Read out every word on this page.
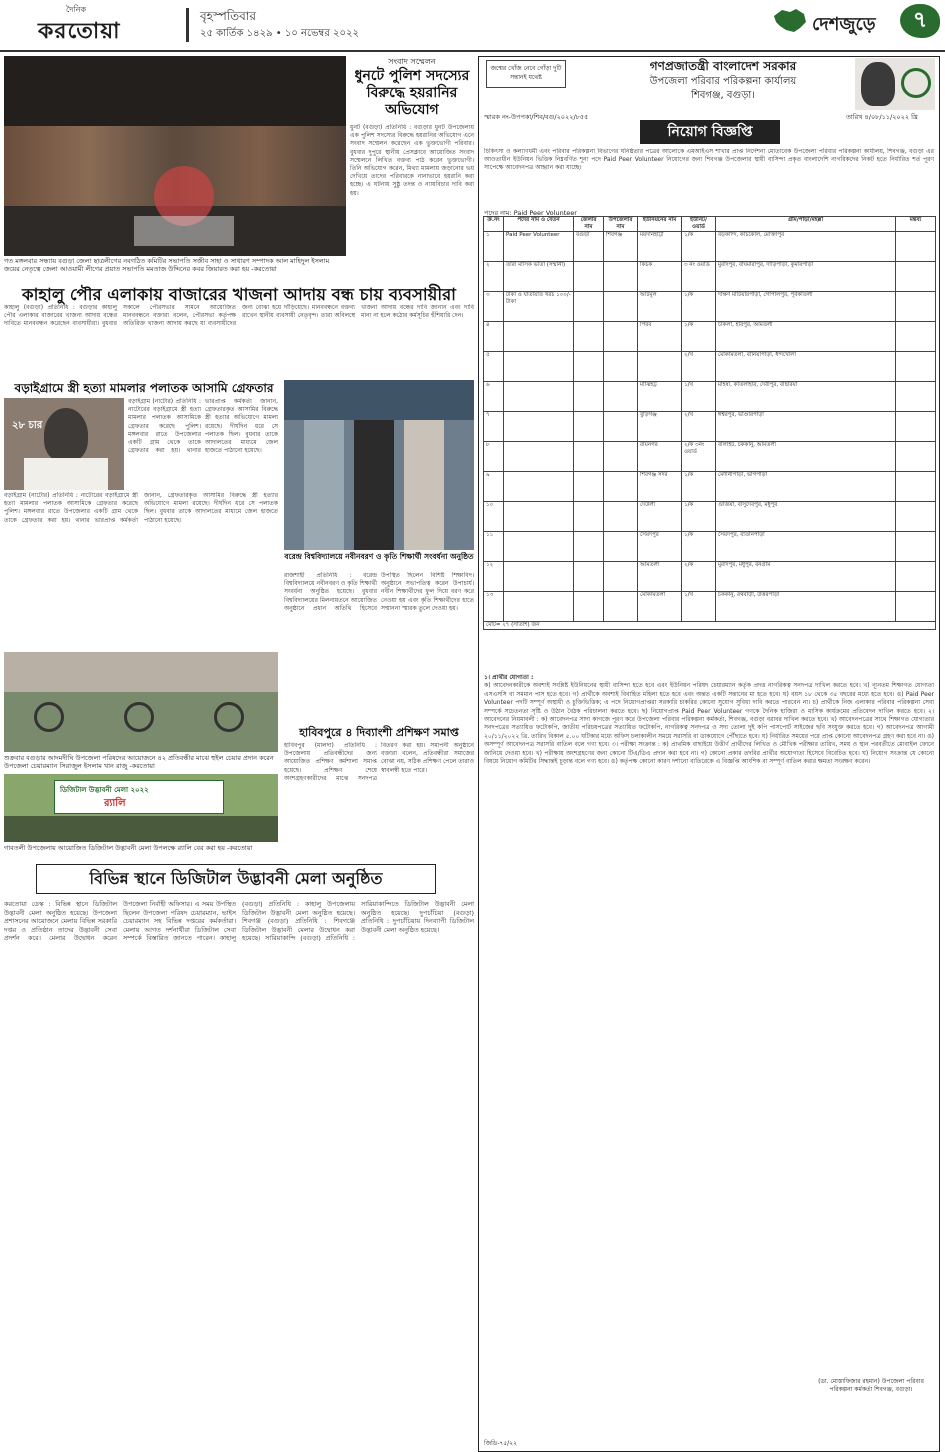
দৈনিক
করতোয়া
বৃহস্পতিবার
২৫ কার্তিক ১৪২৯ • ১০ নভেম্বর ২০২২	দেশজুড়ে	৭
গত মঙ্গলবার সন্ধ্যায় বগুড়া জেলা ছাত্রলীগের নবগঠিত কমিটির সভাপতি সজীব সাহা ও সাধারণ সম্পাদক আল মাহিদুল ইসলাম জয়ের নেতৃত্বে জেলা আওয়ামী লীগের প্রয়াত সভাপতি মমতাজ উদ্দিনের কবর জিয়ারত করা হয় -করতোয়া
সংবাদ সম্মেলন
ধুনটে পুলিশ সদস্যের বিরুদ্ধে হয়রানির অভিযোগ
ধুনট (বগুড়া) প্রতিনিধি : বগুড়ার ধুনট উপজেলায় এক পুলিশ সদস্যের বিরুদ্ধে হয়রানির অভিযোগ এনে সংবাদ সম্মেলন করেছেন এক ভুক্তভোগী পরিবার। বুধবার দুপুরে স্থানীয় প্রেসক্লাবে আয়োজিত সংবাদ সম্মেলনে লিখিত বক্তব্য পাঠ করেন ভুক্তভোগী। তিনি অভিযোগ করেন, মিথ্যা মামলায় জড়ানোর ভয় দেখিয়ে তাদের পরিবারকে নানাভাবে হয়রানি করা হচ্ছে। এ ঘটনায় সুষ্ঠু তদন্ত ও ন্যায়বিচার দাবি করা হয়।
কাহালু পৌর এলাকায় বাজারের খাজনা আদায় বন্ধ চায় ব্যবসায়ীরা
কাহালু (বগুড়া) প্রতিনিধি : বগুড়ার কাহালু পৌর এলাকার বাজারের খাজনা আদায় বন্ধের দাবিতে মানববন্ধন করেছেন ব্যবসায়ীরা। বুধবার সকালে পৌরসভার সামনে আয়োজিত মানববন্ধনে বক্তারা বলেন, পৌরসভা কর্তৃপক্ষ অতিরিক্ত খাজনা আদায় করছে যা ব্যবসায়ীদের জন্য বোঝা হয়ে দাঁড়িয়েছে। মানববন্ধনে বক্তব্য রাখেন স্থানীয় ব্যবসায়ী নেতৃবৃন্দ। তারা অবিলম্বে খাজনা আদায় বন্ধের দাবি জানান এবং দাবি মানা না হলে কঠোর কর্মসূচির হুঁশিয়ারি দেন।
বড়াইগ্রামে স্ত্রী হত্যা মামলার পলাতক আসামি গ্রেফতার
২৮ চার
বড়াইগ্রাম (নাটোর) প্রতিনিধি : নাটোরের বড়াইগ্রামে স্ত্রী হত্যা মামলার পলাতক আসামিকে গ্রেফতার করেছে পুলিশ। মঙ্গলবার রাতে উপজেলার একটি গ্রাম থেকে তাকে গ্রেফতার করা হয়। থানার ভারপ্রাপ্ত কর্মকর্তা জানান, গ্রেফতারকৃত আসামির বিরুদ্ধে স্ত্রী হত্যার অভিযোগে মামলা রয়েছে। দীর্ঘদিন ধরে সে পলাতক ছিল। বুধবার তাকে আদালতের মাধ্যমে জেল হাজতে পাঠানো হয়েছে।
বড়াইগ্রাম (নাটোর) প্রতিনিধি : নাটোরের বড়াইগ্রামে স্ত্রী হত্যা মামলার পলাতক আসামিকে গ্রেফতার করেছে পুলিশ। মঙ্গলবার রাতে উপজেলার একটি গ্রাম থেকে তাকে গ্রেফতার করা হয়। থানার ভারপ্রাপ্ত কর্মকর্তা জানান, গ্রেফতারকৃত আসামির বিরুদ্ধে স্ত্রী হত্যার অভিযোগে মামলা রয়েছে। দীর্ঘদিন ধরে সে পলাতক ছিল। বুধবার তাকে আদালতের মাধ্যমে জেল হাজতে পাঠানো হয়েছে।
বরেন্দ্র বিশ্ববিদ্যালয়ে নবীনবরণ ও কৃতি শিক্ষার্থী সংবর্ধনা অনুষ্ঠিত
রাজশাহী প্রতিনিধি : বরেন্দ্র বিশ্ববিদ্যালয়ে নবীনবরণ ও কৃতি শিক্ষার্থী সংবর্ধনা অনুষ্ঠিত হয়েছে। বুধবার বিশ্ববিদ্যালয়ের মিলনায়তনে আয়োজিত অনুষ্ঠানে প্রধান অতিথি হিসেবে উপস্থিত ছিলেন বিশিষ্ট শিক্ষাবিদ। অনুষ্ঠানে সভাপতিত্ব করেন উপাচার্য। নবীন শিক্ষার্থীদের ফুল দিয়ে বরণ করে নেওয়া হয় এবং কৃতি শিক্ষার্থীদের হাতে সম্মাননা স্মারক তুলে দেওয়া হয়।
শুক্রবার বগুড়ার আদমদীঘি উপজেলা পরিষদের আয়োজনে ৪২ প্রতিবন্ধীর মাঝে হুইল চেয়ার প্রদান করেন উপজেলা চেয়ারম্যান সিরাজুল ইসলাম খান রাজু -করতোয়া
হাবিবপুরে ৪ দিব্যাংশী প্রশিক্ষণ সমাপ্ত
হাবিবপুর (মালদা) প্রতিনিধি : উপজেলায় প্রতিবন্ধীদের জন্য আয়োজিত প্রশিক্ষণ কর্মশালা সমাপ্ত হয়েছে। প্রশিক্ষণ শেষে অংশগ্রহণকারীদের মাঝে সনদপত্র বিতরণ করা হয়। সমাপনী অনুষ্ঠানে বক্তারা বলেন, প্রতিবন্ধীরা সমাজের বোঝা নয়, সঠিক প্রশিক্ষণ পেলে তারাও স্বাবলম্বী হতে পারে।
ডিজিটাল উদ্ভাবনী মেলা ২০২২
র‍্যালি
গাবতলী উপজেলায় আয়োজিত ডিজিটাল উদ্ভাবনী মেলা উপলক্ষে র‍্যালি বের করা হয় -করতোয়া
বিভিন্ন স্থানে ডিজিটাল উদ্ভাবনী মেলা অনুষ্ঠিত
করতোয়া ডেস্ক : বিভিন্ন স্থানে ডিজিটাল উদ্ভাবনী মেলা অনুষ্ঠিত হয়েছে। উপজেলা প্রশাসনের আয়োজনে মেলায় বিভিন্ন সরকারি দপ্তর ও প্রতিষ্ঠান তাদের উদ্ভাবনী সেবা প্রদর্শন করে। মেলার উদ্বোধন করেন উপজেলা নির্বাহী অফিসার। এ সময় উপস্থিত ছিলেন উপজেলা পরিষদ চেয়ারম্যান, ভাইস চেয়ারম্যান সহ বিভিন্ন দপ্তরের কর্মকর্তারা। মেলায় আগত দর্শনার্থীরা ডিজিটাল সেবা সম্পর্কে বিস্তারিত জানতে পারেন। কাহালু (বগুড়া) প্রতিনিধি : কাহালু উপজেলায় ডিজিটাল উদ্ভাবনী মেলা অনুষ্ঠিত হয়েছে। শিবগঞ্জ (বগুড়া) প্রতিনিধি : শিবগঞ্জে ডিজিটাল উদ্ভাবনী মেলার উদ্বোধন করা হয়েছে। সারিয়াকান্দি (বগুড়া) প্রতিনিধি : সারিয়াকান্দিতে ডিজিটাল উদ্ভাবনী মেলা অনুষ্ঠিত হয়েছে। দুপচাঁচিয়া (বগুড়া) প্রতিনিধি : দুপচাঁচিয়ায় দিনব্যাপী ডিজিটাল উদ্ভাবনী মেলা অনুষ্ঠিত হয়েছে।
জন্মের খোঁজ নেবে গোঁড়া দুটি সন্তানই যথেষ্ট
গণপ্রজাতন্ত্রী বাংলাদেশ সরকার
উপজেলা পরিবার পরিকল্পনা কার্যালয়
শিবগঞ্জ, বগুড়া।
স্মারক নং-উপপকা/শিব/বগু/২০২২/৮৫৫	তারিখ ৪/০৮/১১/২০২২ খ্রি
নিয়োগ বিজ্ঞপ্তি
চিকিৎসা ও কল্যাণধর্মী এবং পরিবার পরিকল্পনা বিভাগের ঘনিষ্ঠতার পত্রের আলোকে এমআইএস শাখার প্রাপ্ত নির্দেশনা মোতাবেক উপজেলা পরিবার পরিকল্পনা কার্যালয়, শিবগঞ্জ, বগুড়া এর আওতাধীন ইউনিয়ন ভিত্তিক নিম্নবর্ণিত শূন্য পদে Paid Peer Volunteer নিয়োগের জন্য শিবগঞ্জ উপজেলার স্থায়ী বাসিন্দা প্রকৃত বাংলাদেশি নাগরিকদের নিকট হতে নির্ধারিত শর্ত পূরণ সাপেক্ষে আবেদনপত্র আহ্বান করা যাচ্ছে।
পদের নাম: Paid Peer Volunteer
ক্র.নং	পদের নাম ও বেতন	জেলার নাম	উপজেলার নাম	ইউনিয়নের নাম	ইউনিট/ওয়ার্ড	গ্রাম/পাড়া/মহল্লা	মন্তব্য
১	Paid Peer Volunteer	বগুড়া	শিবগঞ্জ	ময়দানহাট্টা	১/ক	বড়কান্দি, কাচকোল, মোক্তাপুর	
২	তারা মাসিক ভাতা (সম্মানী)			কিচক	৩ নং ওয়ার্ড	মুরাদপুর, বাঘমারাপুর, দাড়িপাড়া, কুমারপাড়া	
৩	টাকা ও যাতায়াত খরচ ১০০/- টাকা			আটমূল	১/ক	দক্ষিণ মাটিয়ারপাড়া, গোপালপুর, পূর্বকাতলী	
৪				পিরব	১/ক	চাকলা, হরিপুর, আমতলী	
৫					২/খ	মোকামতলা, বানিয়াপাড়া, ধন্দখোলা	
৬				মাঝিহট্ট	১/খ	মহিষা, কাতলাহার, দেবীপুর, বাছরিয়া	
৭				বুড়িগঞ্জ	২/খ	ঈশ্বরপুর, ভাণ্ডারপাড়া	
৮				রায়নগর	২/ক ৩নং ওয়ার্ড	বালাইট, চককানু, আমতলী	
৯				শিবগঞ্জ সদর	১/ক	মেদীনীপাড়া, ভাগপাড়া	
১০				দেউলী	১/ক	গুজিয়া, বাসুদেবপুর, মধুপুর	
১১				সৈয়দপুর	১/ক	সৈয়দপুর, বাতানপাড়া	
১২				আমতলী	২/ক	মুরাদপুর, মধুপুর, বনগ্রাম	
১৩				মোকামতলা	১/খ	চককানু, রথবাড়ী, উত্তরপাড়া	
মোট= ২৭ (সাতাশ) জন							
১। প্রার্থীর যোগ্যতা :
ক) আবেদনকারীকে অবশ্যই সংশ্লিষ্ট ইউনিয়নের স্থায়ী বাসিন্দা হতে হবে এবং ইউনিয়ন পরিষদ চেয়ারম্যান কর্তৃক প্রদত্ত নাগরিকত্ব সনদপত্র দাখিল করতে হবে। খ) ন্যূনতম শিক্ষাগত যোগ্যতা এসএসসি বা সমমান পাস হতে হবে। গ) প্রার্থীকে অবশ্যই বিবাহিত মহিলা হতে হবে এবং অন্তত একটি সন্তানের মা হতে হবে। ঘ) বয়স ১৮ থেকে ৩৫ বছরের মধ্যে হতে হবে। ঙ) Paid Peer Volunteer পদটি সম্পূর্ণ অস্থায়ী ও চুক্তিভিত্তিক; এ পদে নিয়োগপ্রাপ্তরা সরকারি চাকরির কোনো সুযোগ সুবিধা দাবি করতে পারবেন না। চ) প্রার্থীকে নিজ এলাকার পরিবার পরিকল্পনা সেবা সম্পর্কে সচেতনতা সৃষ্টি ও উঠান বৈঠক পরিচালনা করতে হবে। ছ) নিয়োগপ্রাপ্ত Paid Peer Volunteer গণকে দৈনিক হাজিরা ও মাসিক কার্যক্রমের প্রতিবেদন দাখিল করতে হবে। ২। আবেদনের নিয়মাবলী : ক) আবেদনপত্র সাদা কাগজে পূরণ করে উপজেলা পরিবার পরিকল্পনা কর্মকর্তা, শিবগঞ্জ, বগুড়া বরাবর দাখিল করতে হবে। খ) আবেদনপত্রের সাথে শিক্ষাগত যোগ্যতার সনদপত্রের সত্যায়িত ফটোকপি, জাতীয় পরিচয়পত্রের সত্যায়িত ফটোকপি, নাগরিকত্ব সনদপত্র ও সদ্য তোলা দুই কপি পাসপোর্ট সাইজের ছবি সংযুক্ত করতে হবে। গ) আবেদনপত্র আগামী ২০/১১/২০২২ খ্রি. তারিখ বিকাল ৫.০০ ঘটিকার মধ্যে অফিস চলাকালীন সময়ে সরাসরি বা ডাকযোগে পৌঁছাতে হবে। ঘ) নির্ধারিত সময়ের পরে প্রাপ্ত কোনো আবেদনপত্র গ্রহণ করা হবে না। ঙ) অসম্পূর্ণ আবেদনপত্র সরাসরি বাতিল বলে গণ্য হবে। ৩। পরীক্ষা সংক্রান্ত : ক) প্রাথমিক বাছাইয়ে উত্তীর্ণ প্রার্থীদের লিখিত ও মৌখিক পরীক্ষার তারিখ, সময় ও স্থান পরবর্তীতে মোবাইল ফোনে জানিয়ে দেওয়া হবে। খ) পরীক্ষায় অংশগ্রহণের জন্য কোনো টিএ/ডিএ প্রদান করা হবে না। গ) কোনো প্রকার তদবির প্রার্থীর অযোগ্যতা হিসেবে বিবেচিত হবে। ঘ) নিয়োগ সংক্রান্ত যে কোনো বিষয়ে নিয়োগ কমিটির সিদ্ধান্তই চূড়ান্ত বলে গণ্য হবে। ঙ) কর্তৃপক্ষ কোনো কারণ দর্শানো ব্যতিরেকে এ বিজ্ঞপ্তি আংশিক বা সম্পূর্ণ বাতিল করার ক্ষমতা সংরক্ষণ করেন।
(ডা. মোস্তাফিজার রহমান) উপজেলা পরিবার পরিকল্পনা কর্মকর্তা শিবগঞ্জ, বগুড়া।
জিডি-৭৫/২২
